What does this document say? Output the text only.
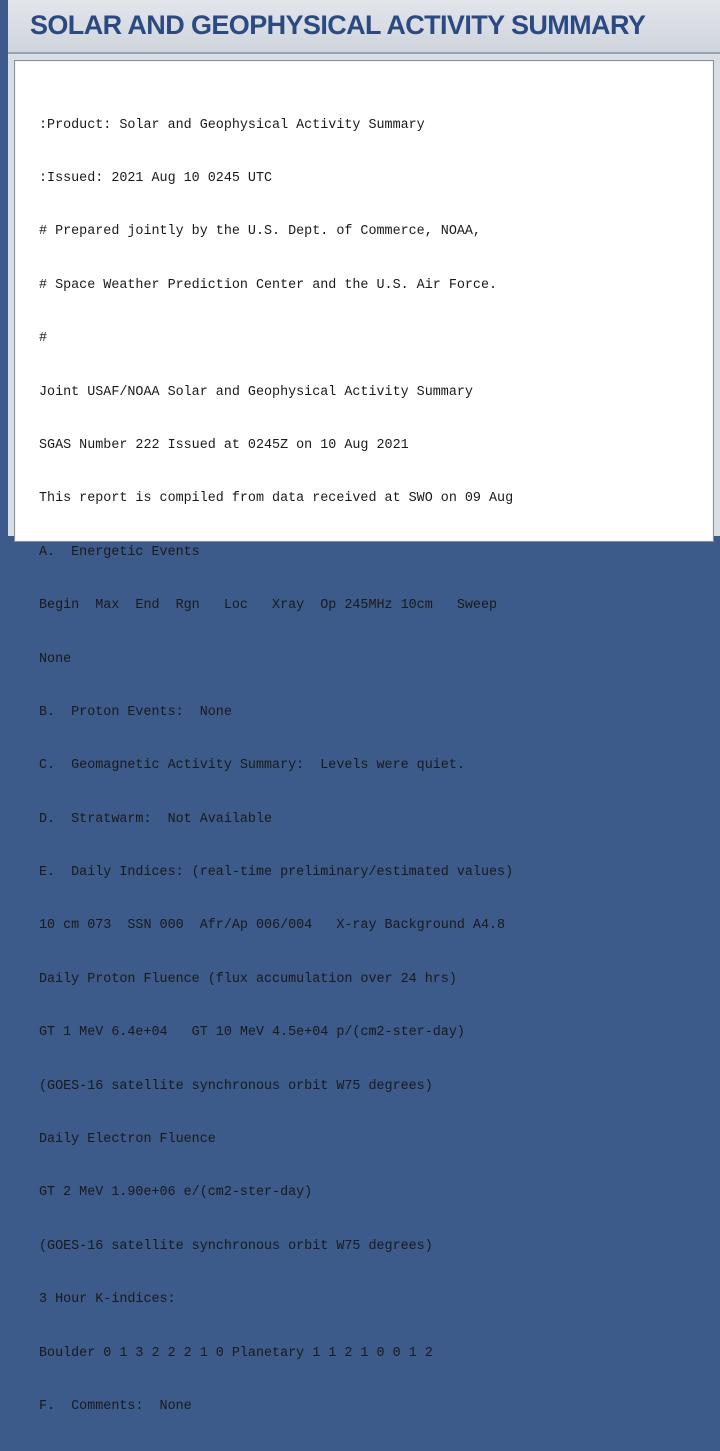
SOLAR AND GEOPHYSICAL ACTIVITY SUMMARY

:Product: Solar and Geophysical Activity Summary

:Issued: 2021 Aug 10 0245 UTC

# Prepared jointly by the U.S. Dept. of Commerce, NOAA,

# Space Weather Prediction Center and the U.S. Air Force.

#

Joint USAF/NOAA Solar and Geophysical Activity Summary

SGAS Number 222 Issued at 0245Z on 10 Aug 2021

This report is compiled from data received at SWO on 09 Aug

A.  Energetic Events

Begin  Max  End  Rgn   Loc   Xray  Op 245MHz 10cm   Sweep

None

B.  Proton Events:  None

C.  Geomagnetic Activity Summary:  Levels were quiet.

D.  Stratwarm:  Not Available

E.  Daily Indices: (real-time preliminary/estimated values)

10 cm 073  SSN 000  Afr/Ap 006/004   X-ray Background A4.8

Daily Proton Fluence (flux accumulation over 24 hrs)

GT 1 MeV 6.4e+04   GT 10 MeV 4.5e+04 p/(cm2-ster-day)

(GOES-16 satellite synchronous orbit W75 degrees)

Daily Electron Fluence

GT 2 MeV 1.90e+06 e/(cm2-ster-day)

(GOES-16 satellite synchronous orbit W75 degrees)

3 Hour K-indices:

Boulder 0 1 3 2 2 2 1 0 Planetary 1 1 2 1 0 0 1 2

F.  Comments:  None
